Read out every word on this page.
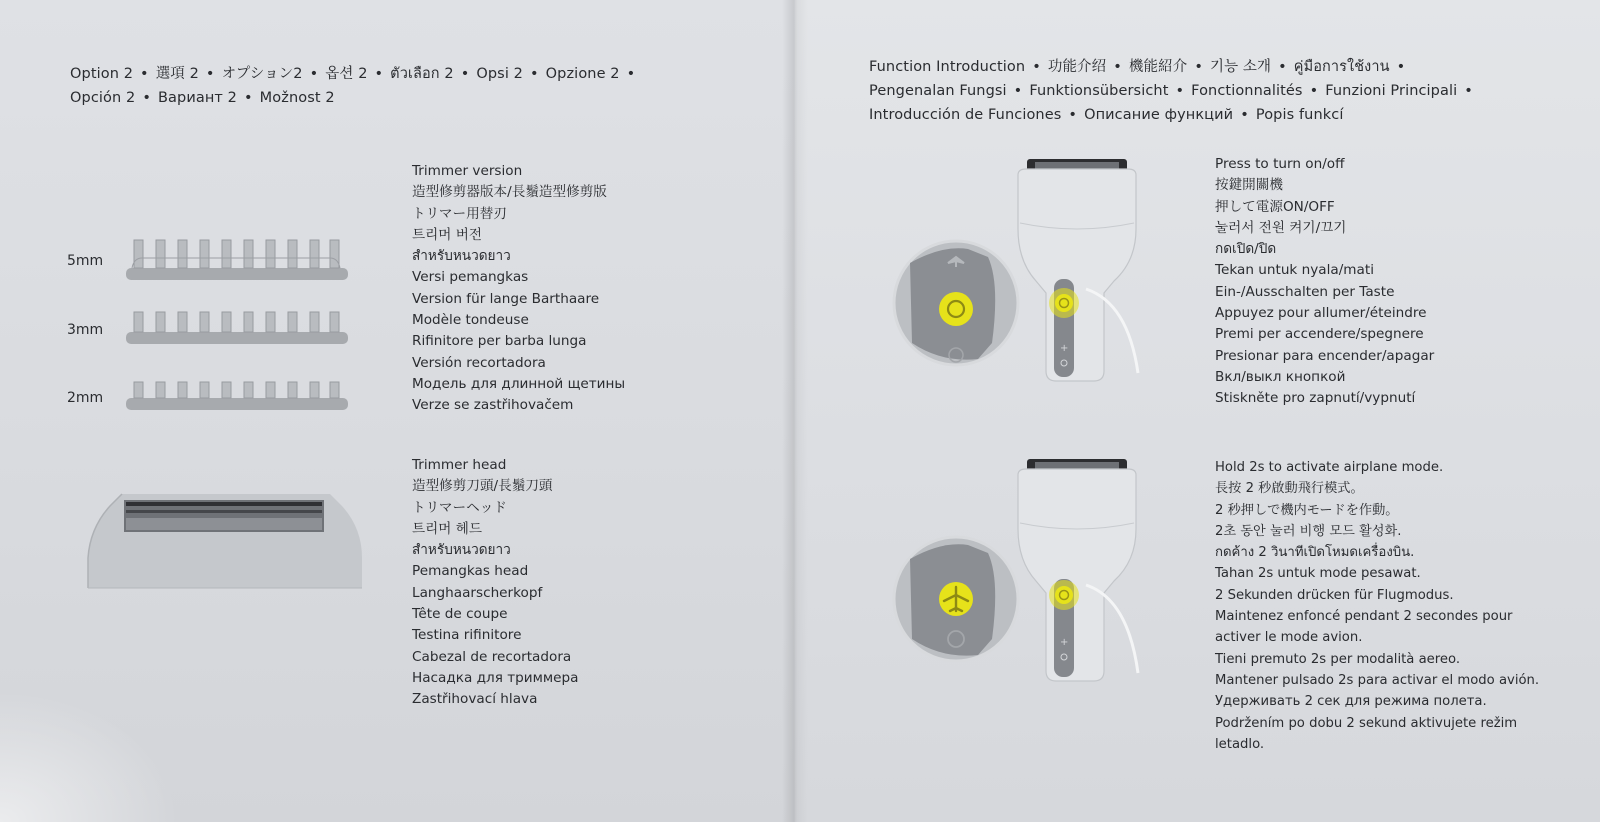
Option 2 • 選項 2 • オプション2 • 옵션 2 • ตัวเลือก 2 • Opsi 2 • Opzione 2 •
Opción 2 • Вариант 2 • Možnost 2
5mm
3mm
2mm
Trimmer version
造型修剪器版本/長鬚造型修剪版
トリマー用替刃
트리머 버전
สำหรับหนวดยาว
Versi pemangkas
Version für lange Barthaare
Modèle tondeuse
Rifinitore per barba lunga
Versión recortadora
Модель для длинной щетины
Verze se zastřihovačem
Trimmer head
造型修剪刀頭/長鬚刀頭
トリマーヘッド
트리머 헤드
สำหรับหนวดยาว
Pemangkas head
Langhaarscherkopf
Tête de coupe
Testina rifinitore
Cabezal de recortadora
Насадка для триммера
Zastřihovací hlava
Function Introduction • 功能介绍 • 機能紹介 • 기능 소개 • คู่มือการใช้งาน •
Pengenalan Fungsi • Funktionsübersicht • Fonctionnalités • Funzioni Principali •
Introducción de Funciones • Описание функций • Popis funkcí
+
Press to turn on/off
按鍵開關機
押して電源ON/OFF
눌러서 전원 켜기/끄기
กดเปิด/ปิด
Tekan untuk nyala/mati
Ein-/Ausschalten per Taste
Appuyez pour allumer/éteindre
Premi per accendere/spegnere
Presionar para encender/apagar
Вкл/выкл кнопкой
Stiskněte pro zapnutí/vypnutí
+
Hold 2s to activate airplane mode.
長按 2 秒啟動飛行模式。
2 秒押しで機内モードを作動。
2초 동안 눌러 비행 모드 활성화.
กดค้าง 2 วินาทีเปิดโหมดเครื่องบิน.
Tahan 2s untuk mode pesawat.
2 Sekunden drücken für Flugmodus.
Maintenez enfoncé pendant 2 secondes pour
activer le mode avion.
Tieni premuto 2s per modalità aereo.
Mantener pulsado 2s para activar el modo avión.
Удерживать 2 сек для режима полета.
Podržením po dobu 2 sekund aktivujete režim
letadlo.
